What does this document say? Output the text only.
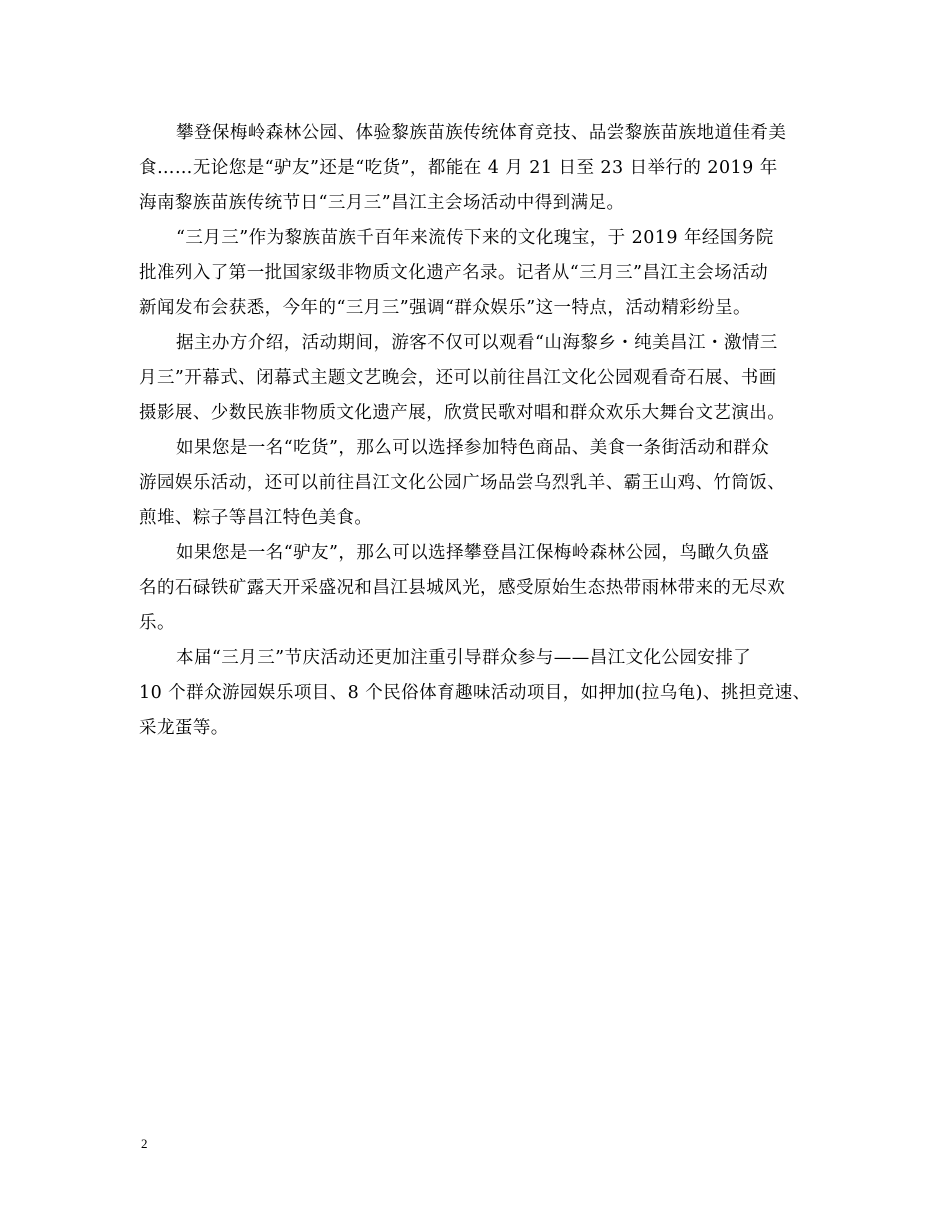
攀登保梅岭森林公园、体验黎族苗族传统体育竞技、品尝黎族苗族地道佳肴美
食……无论您是“驴友”还是“吃货”，都能在 4 月 21 日至 23 日举行的 2019 年
海南黎族苗族传统节日“三月三”昌江主会场活动中得到满足。
“三月三”作为黎族苗族千百年来流传下来的文化瑰宝，于 2019 年经国务院
批准列入了第一批国家级非物质文化遗产名录。记者从“三月三”昌江主会场活动
新闻发布会获悉，今年的“三月三”强调“群众娱乐”这一特点，活动精彩纷呈。
据主办方介绍，活动期间，游客不仅可以观看“山海黎乡・纯美昌江・激情三
月三”开幕式、闭幕式主题文艺晚会，还可以前往昌江文化公园观看奇石展、书画
摄影展、少数民族非物质文化遗产展，欣赏民歌对唱和群众欢乐大舞台文艺演出。
如果您是一名“吃货”，那么可以选择参加特色商品、美食一条街活动和群众
游园娱乐活动，还可以前往昌江文化公园广场品尝乌烈乳羊、霸王山鸡、竹筒饭、
煎堆、粽子等昌江特色美食。
如果您是一名“驴友”，那么可以选择攀登昌江保梅岭森林公园，鸟瞰久负盛
名的石碌铁矿露天开采盛况和昌江县城风光，感受原始生态热带雨林带来的无尽欢
乐。
本届“三月三”节庆活动还更加注重引导群众参与——昌江文化公园安排了
10 个群众游园娱乐项目、8 个民俗体育趣味活动项目，如押加(拉乌龟)、挑担竞速、
采龙蛋等。
2
